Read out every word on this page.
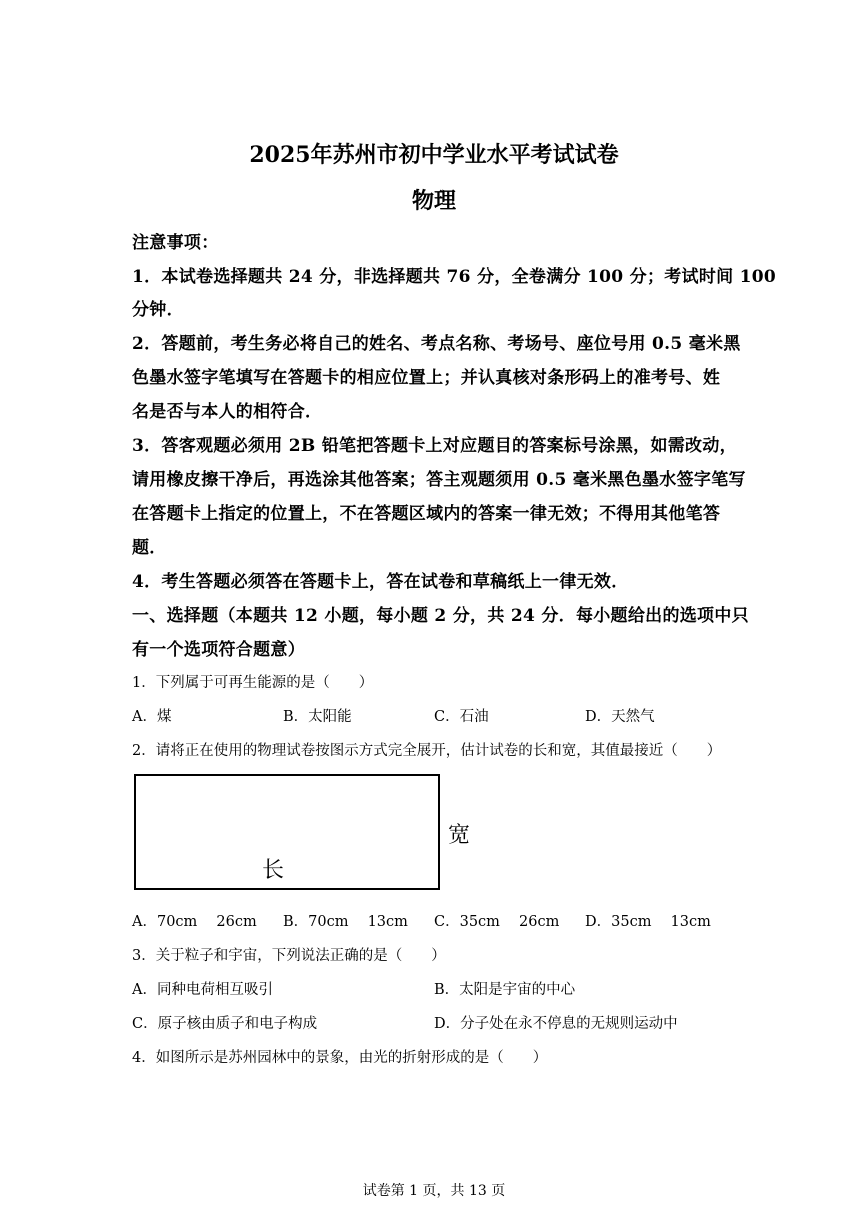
2025年苏州市初中学业水平考试试卷
物理
注意事项：
1．本试卷选择题共 24 分，非选择题共 76 分，全卷满分 100 分；考试时间 100
分钟．
2．答题前，考生务必将自己的姓名、考点名称、考场号、座位号用 0.5 毫米黑
色墨水签字笔填写在答题卡的相应位置上；并认真核对条形码上的准考号、姓
名是否与本人的相符合．
3．答客观题必须用 2B 铅笔把答题卡上对应题目的答案标号涂黑，如需改动，
请用橡皮擦干净后，再选涂其他答案；答主观题须用 0.5 毫米黑色墨水签字笔写
在答题卡上指定的位置上，不在答题区域内的答案一律无效；不得用其他笔答
题．
4．考生答题必须答在答题卡上，答在试卷和草稿纸上一律无效．
一、选择题（本题共 12 小题，每小题 2 分，共 24 分．每小题给出的选项中只
有一个选项符合题意）
1．下列属于可再生能源的是（　　）
A．煤	B．太阳能	C．石油	D．天然气
2．请将正在使用的物理试卷按图示方式完全展开，估计试卷的长和宽，其值最接近（　　）
长
宽
A．70cm　 26cm B．70cm　 13cm C．35cm　 26cm D．35cm　 13cm
3．关于粒子和宇宙，下列说法正确的是（　　）
A．同种电荷相互吸引	B．太阳是宇宙的中心
C．原子核由质子和电子构成	D．分子处在永不停息的无规则运动中
4．如图所示是苏州园林中的景象，由光的折射形成的是（　　）
试卷第 1 页，共 13 页
